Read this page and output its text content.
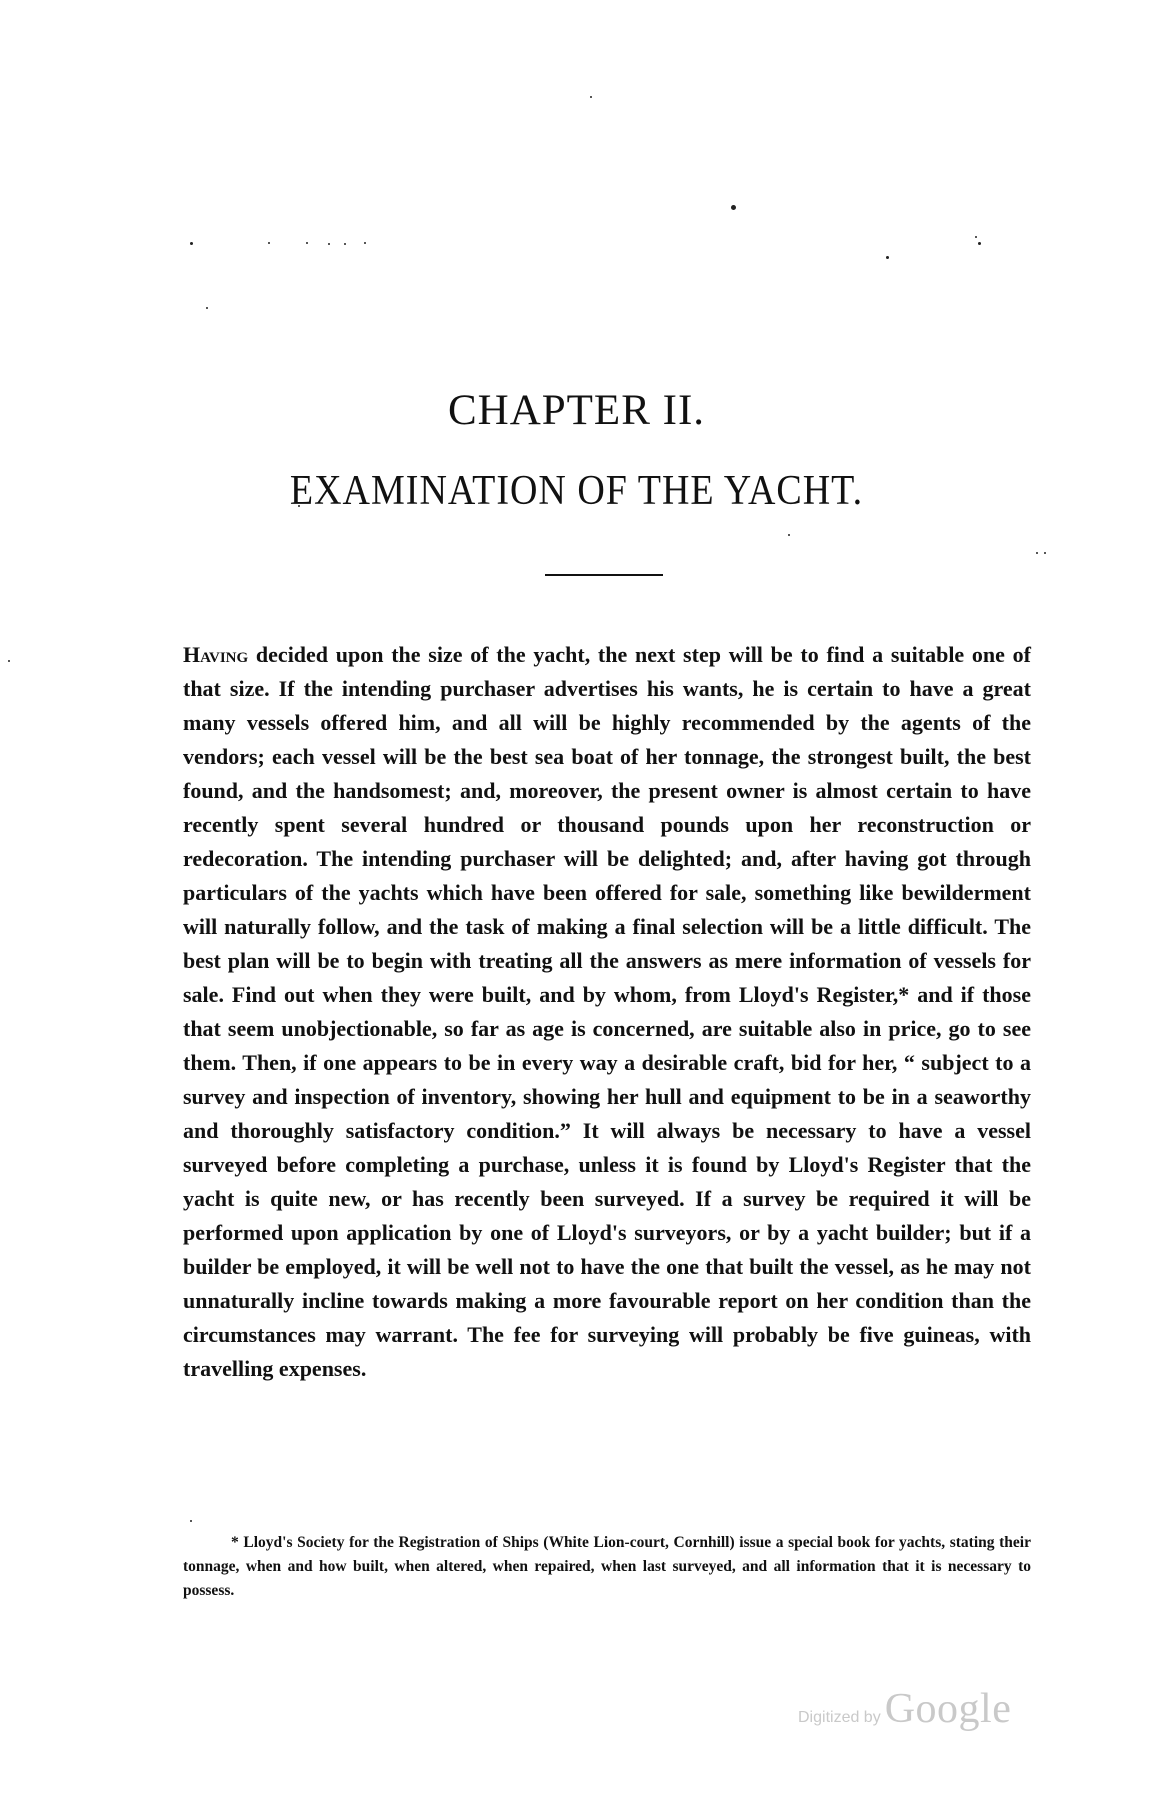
CHAPTER II.
EXAMINATION OF THE YACHT.

Having decided upon the size of the yacht, the next step will be to find a suitable one of that size. If the intending purchaser advertises his wants, he is certain to have a great many vessels offered him, and all will be highly recommended by the agents of the vendors; each vessel will be the best sea boat of her tonnage, the strongest built, the best found, and the handsomest; and, moreover, the present owner is almost certain to have recently spent several hundred or thousand pounds upon her reconstruction or redecoration. The intending purchaser will be delighted; and, after having got through particulars of the yachts which have been offered for sale, something like bewilderment will naturally follow, and the task of making a final selection will be a little difficult. The best plan will be to begin with treating all the answers as mere information of vessels for sale. Find out when they were built, and by whom, from Lloyd's Register,* and if those that seem unobjectionable, so far as age is concerned, are suitable also in price, go to see them. Then, if one appears to be in every way a desirable craft, bid for her, “ subject to a survey and inspection of inventory, showing her hull and equipment to be in a seaworthy and thoroughly satisfactory condition.” It will always be necessary to have a vessel surveyed before completing a purchase, unless it is found by Lloyd's Register that the yacht is quite new, or has recently been surveyed. If a survey be required it will be performed upon application by one of Lloyd's surveyors, or by a yacht builder; but if a builder be employed, it will be well not to have the one that built the vessel, as he may not unnaturally incline towards making a more favourable report on her condition than the circumstances may warrant. The fee for surveying will probably be five guineas, with travelling expenses.

* Lloyd's Society for the Registration of Ships (White Lion-court, Cornhill) issue a special book for yachts, stating their tonnage, when and how built, when altered, when repaired, when last surveyed, and all information that it is necessary to possess.

Digitized by Google
